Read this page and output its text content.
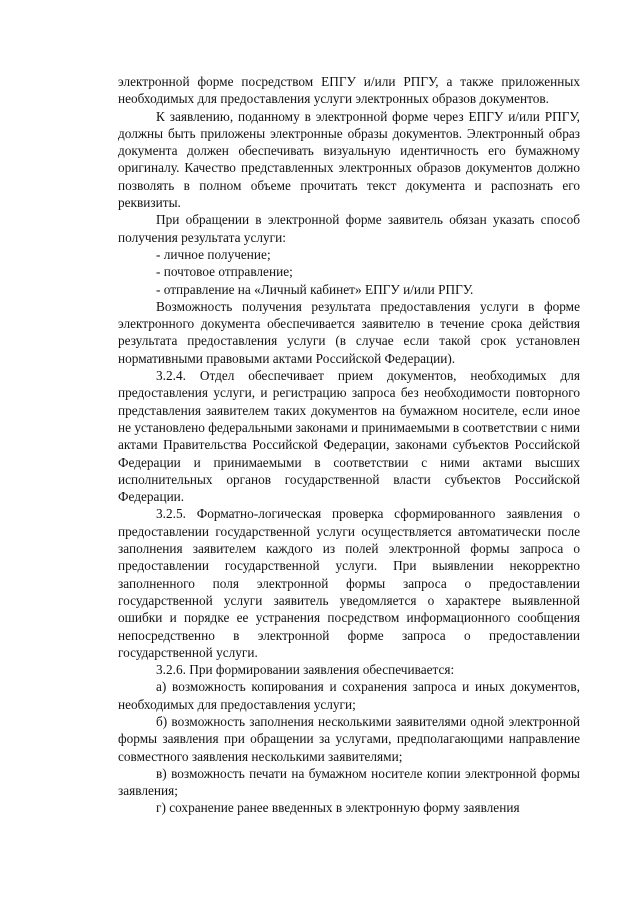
электронной форме посредством ЕПГУ и/или РПГУ, а также приложенных необходимых для предоставления услуги электронных образов документов.

К заявлению, поданному в электронной форме через ЕПГУ и/или РПГУ, должны быть приложены электронные образы документов. Электронный образ документа должен обеспечивать визуальную идентичность его бумажному оригиналу. Качество представленных электронных образов документов должно позволять в полном объеме прочитать текст документа и распознать его реквизиты.

При обращении в электронной форме заявитель обязан указать способ получения результата услуги:

- личное получение;

- почтовое отправление;

- отправление на «Личный кабинет» ЕПГУ и/или РПГУ.

Возможность получения результата предоставления услуги в форме электронного документа обеспечивается заявителю в течение срока действия результата предоставления услуги (в случае если такой срок установлен нормативными правовыми актами Российской Федерации).

3.2.4. Отдел обеспечивает прием документов, необходимых для предоставления услуги, и регистрацию запроса без необходимости повторного представления заявителем таких документов на бумажном носителе, если иное не установлено федеральными законами и принимаемыми в соответствии с ними актами Правительства Российской Федерации, законами субъектов Российской Федерации и принимаемыми в соответствии с ними актами высших исполнительных органов государственной власти субъектов Российской Федерации.

3.2.5. Форматно-логическая проверка сформированного заявления о предоставлении государственной услуги осуществляется автоматически после заполнения заявителем каждого из полей электронной формы запроса о предоставлении государственной услуги. При выявлении некорректно заполненного поля электронной формы запроса о предоставлении государственной услуги заявитель уведомляется о характере выявленной ошибки и порядке ее устранения посредством информационного сообщения непосредственно в электронной форме запроса о предоставлении государственной услуги.

3.2.6. При формировании заявления обеспечивается:

а) возможность копирования и сохранения запроса и иных документов, необходимых для предоставления услуги;

б) возможность заполнения несколькими заявителями одной электронной формы заявления при обращении за услугами, предполагающими направление совместного заявления несколькими заявителями;

в) возможность печати на бумажном носителе копии электронной формы заявления;

г) сохранение ранее введенных в электронную форму заявления
